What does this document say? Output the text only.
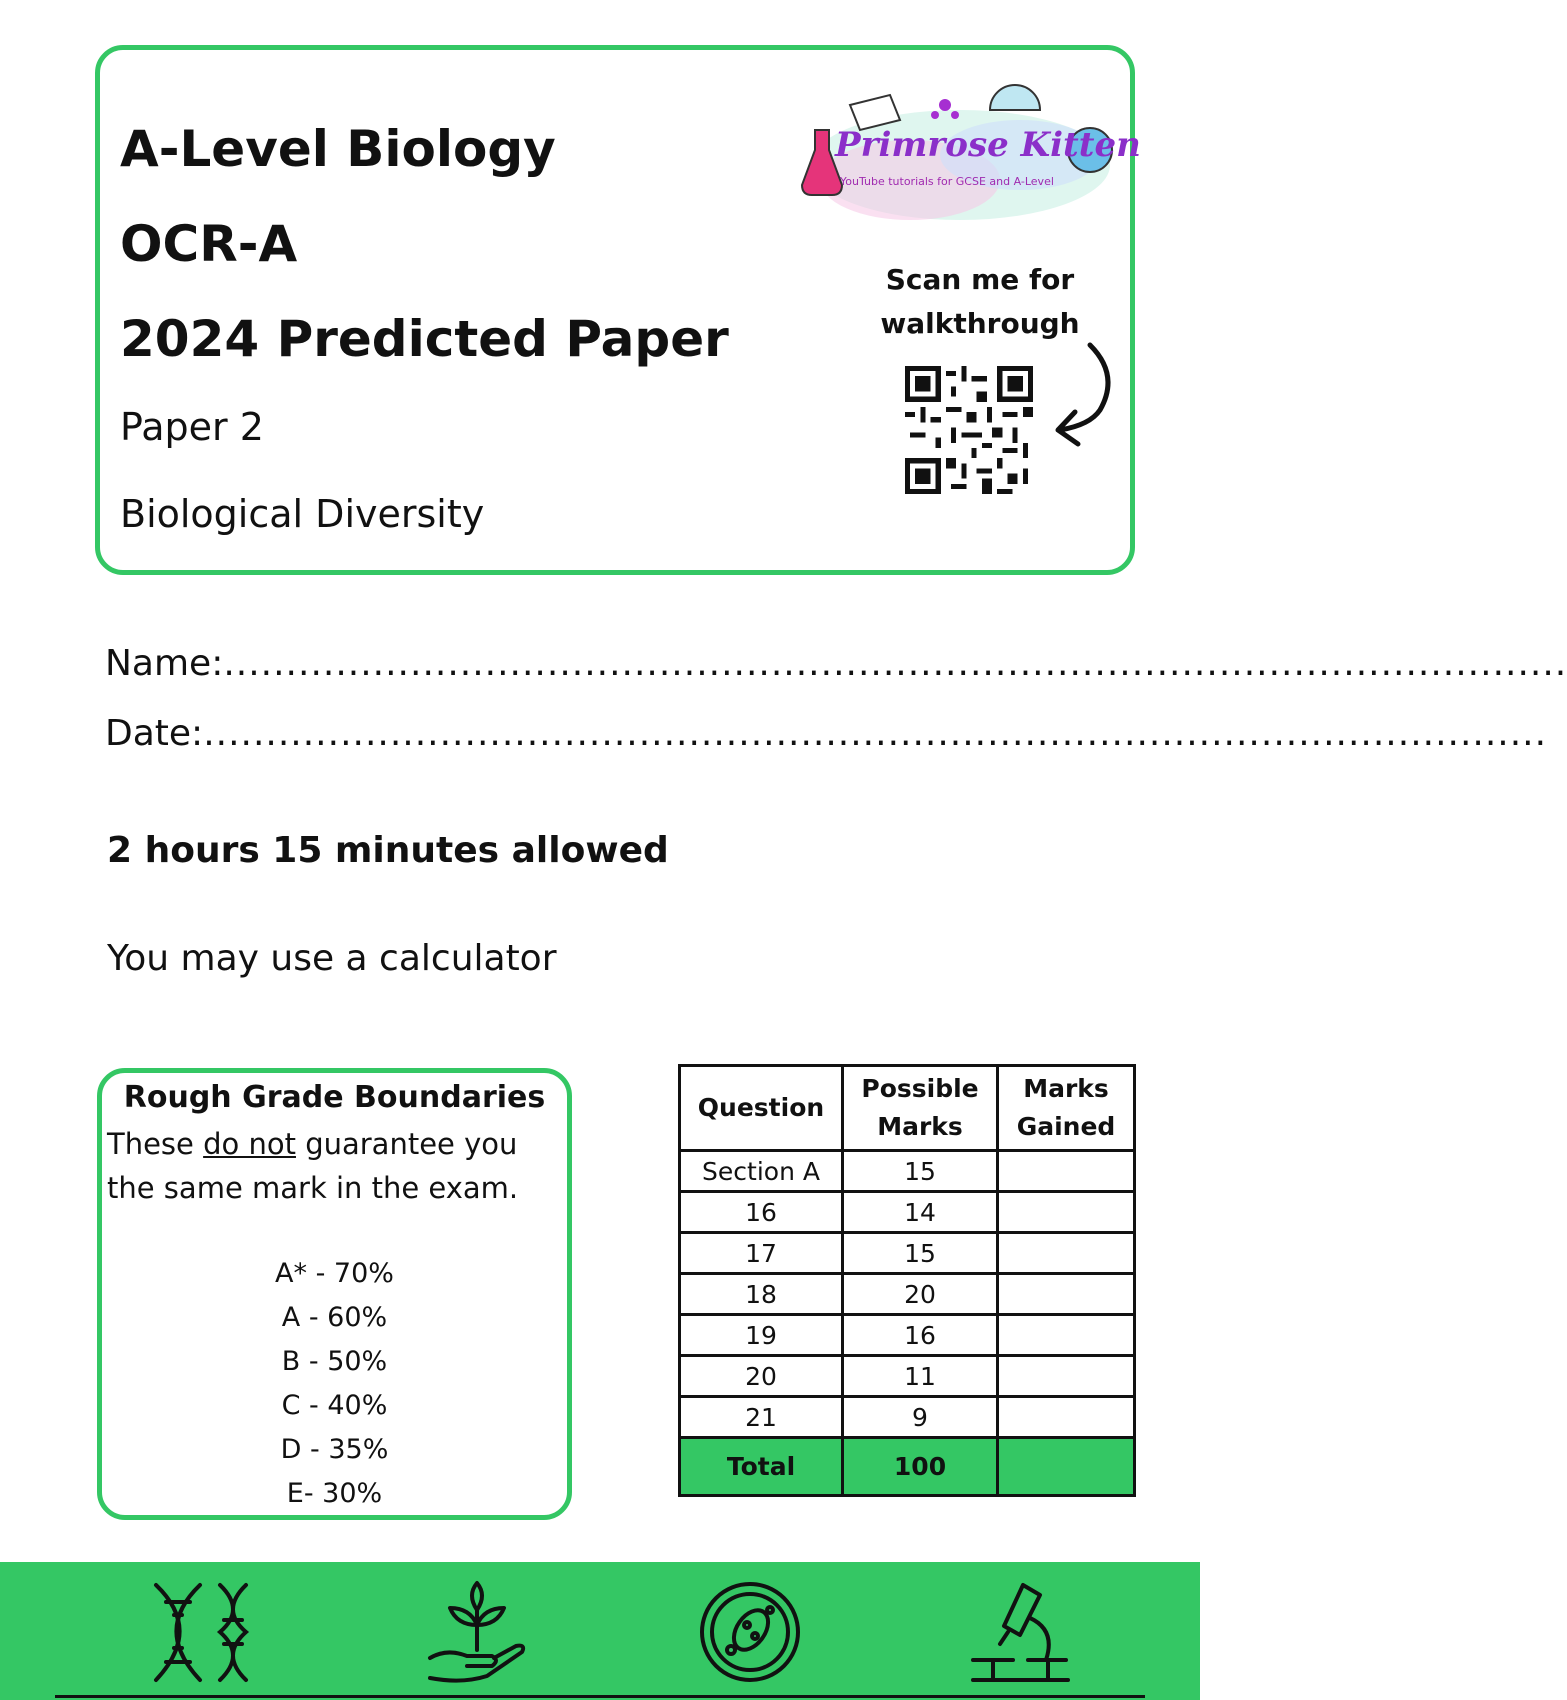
A-Level Biology
OCR-A
2024 Predicted Paper
Paper 2
Biological Diversity
Primrose Kitten
YouTube tutorials for GCSE and A-Level
Scan me for
walkthrough
Name:............................................................................................................
Date:............................................................................................................
2 hours 15 minutes allowed
You may use a calculator
Rough Grade Boundaries
These do not guarantee you the same mark in the exam.
A* - 70%
A - 60%
B - 50%
C - 40%
D - 35%
E- 30%
Question	Possible Marks	Marks Gained
Section A	15	
16	14	
17	15	
18	20	
19	16	
20	11	
21	9	
Total	100	
